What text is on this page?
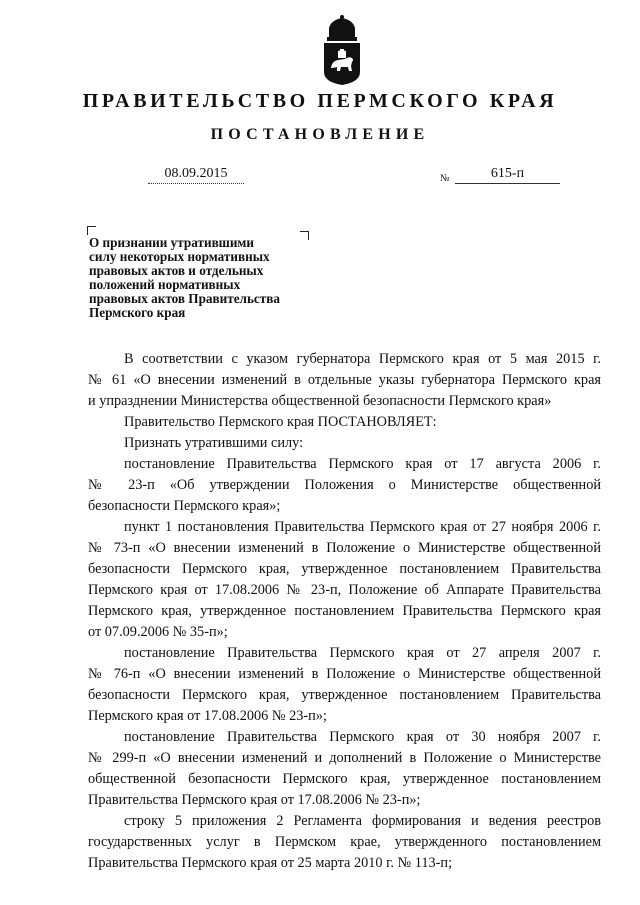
ПРАВИТЕЛЬСТВО ПЕРМСКОГО КРАЯ
ПОСТАНОВЛЕНИЕ
08.09.2015	№	615-п
О признании утратившими
силу некоторых нормативных
правовых актов и отдельных
положений нормативных
правовых актов Правительства
Пермского края
В соответствии с указом губернатора Пермского края от 5 мая 2015 г.
№ 61 «О внесении изменений в отдельные указы губернатора Пермского края
и упразднении Министерства общественной безопасности Пермского края»
Правительство Пермского края ПОСТАНОВЛЯЕТ:
Признать утратившими силу:
постановление Правительства Пермского края от 17 августа 2006 г.
№ 23-п «Об утверждении Положения о Министерстве общественной
безопасности Пермского края»;
пункт 1 постановления Правительства Пермского края от 27 ноября 2006 г.
№ 73-п «О внесении изменений в Положение о Министерстве общественной
безопасности Пермского края, утвержденное постановлением Правительства
Пермского края от 17.08.2006 № 23-п, Положение об Аппарате Правительства
Пермского края, утвержденное постановлением Правительства Пермского края
от 07.09.2006 № 35-п»;
постановление Правительства Пермского края от 27 апреля 2007 г.
№ 76-п «О внесении изменений в Положение о Министерстве общественной
безопасности Пермского края, утвержденное постановлением Правительства
Пермского края от 17.08.2006 № 23-п»;
постановление Правительства Пермского края от 30 ноября 2007 г.
№ 299-п «О внесении изменений и дополнений в Положение о Министерстве
общественной безопасности Пермского края, утвержденное постановлением
Правительства Пермского края от 17.08.2006 № 23-п»;
строку 5 приложения 2 Регламента формирования и ведения реестров
государственных услуг в Пермском крае, утвержденного постановлением
Правительства Пермского края от 25 марта 2010 г. № 113-п;
